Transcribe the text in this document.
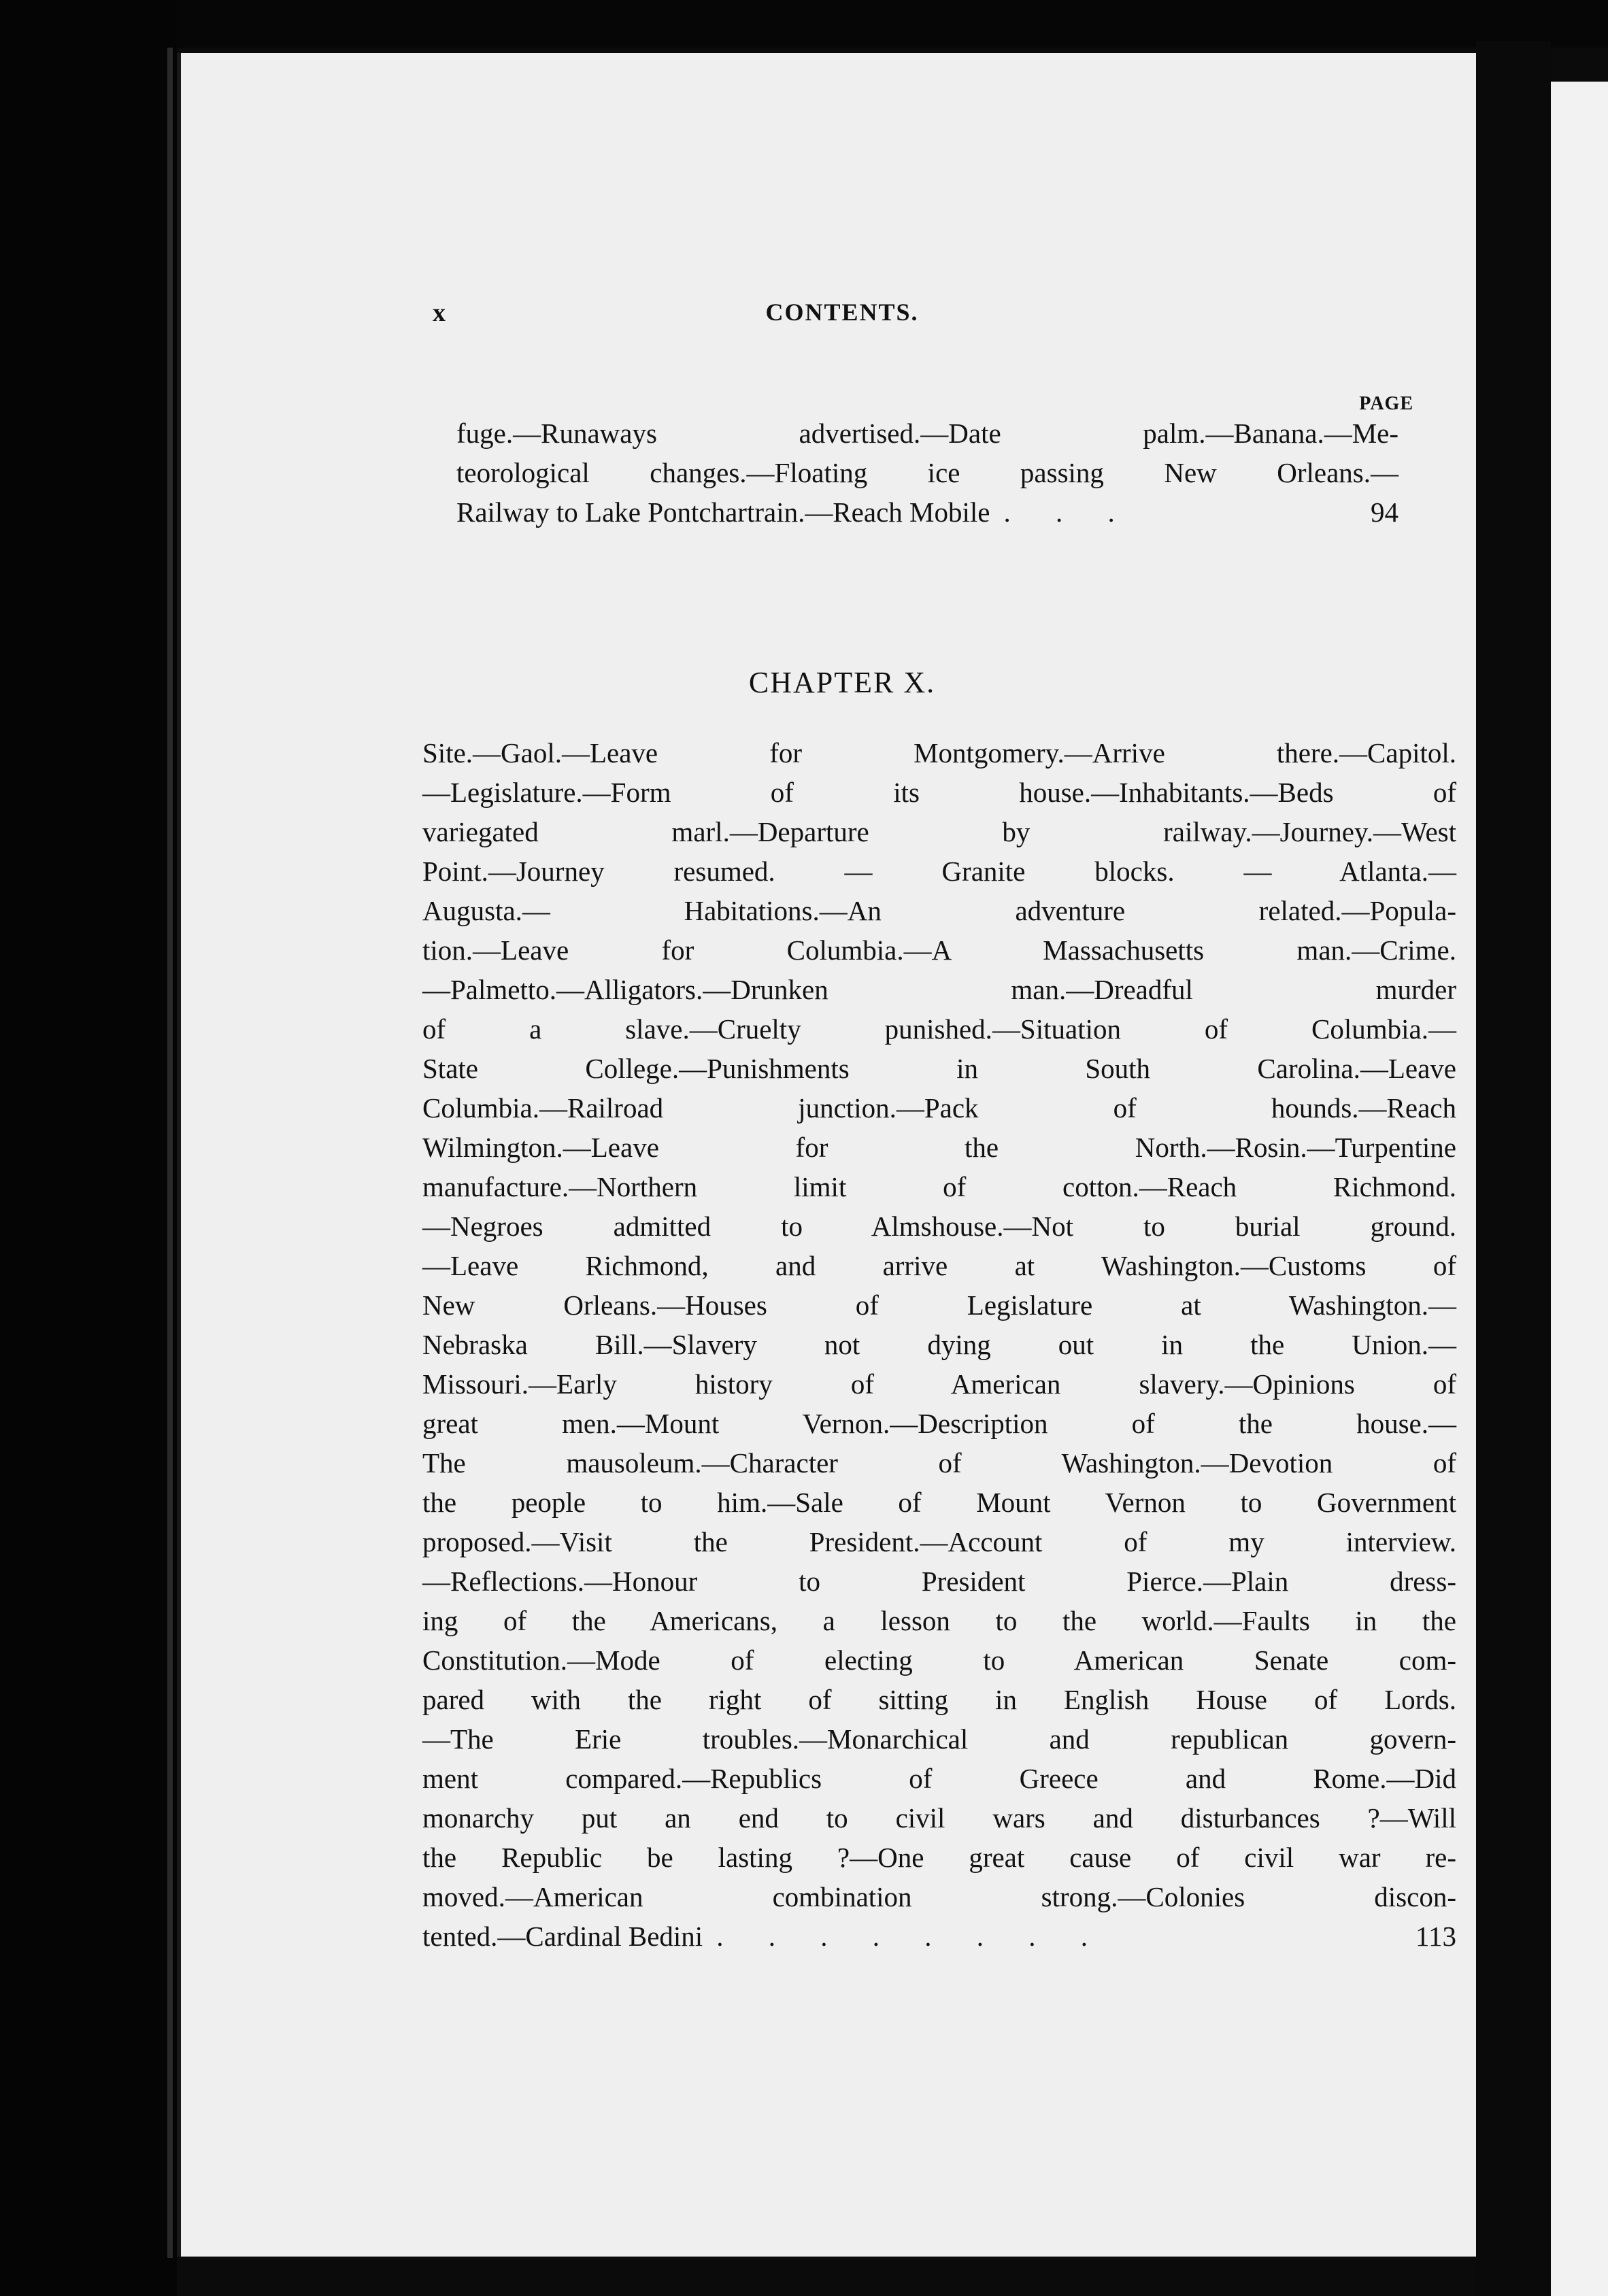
x	CONTENTS.
PAGE
fuge.—Runaways advertised.—Date palm.—Banana.—Me-
teorological changes.—Floating ice passing New Orleans.—
Railway to Lake Pontchartrain.—Reach Mobile . . .	94
CHAPTER X.
Site.—Gaol.—Leave for Montgomery.—Arrive there.—Capitol.
—Legislature.—Form of its house.—Inhabitants.—Beds of
variegated marl.—Departure by railway.—Journey.—West
Point.—Journey resumed. — Granite blocks. — Atlanta.—
Augusta.— Habitations.—An adventure related.—Popula-
tion.—Leave for Columbia.—A Massachusetts man.—Crime.
—Palmetto.—Alligators.—Drunken man.—Dreadful murder
of a slave.—Cruelty punished.—Situation of Columbia.—
State College.—Punishments in South Carolina.—Leave
Columbia.—Railroad junction.—Pack of hounds.—Reach
Wilmington.—Leave for the North.—Rosin.—Turpentine
manufacture.—Northern limit of cotton.—Reach Richmond.
—Negroes admitted to Almshouse.—Not to burial ground.
—Leave Richmond, and arrive at Washington.—Customs of
New Orleans.—Houses of Legislature at Washington.—
Nebraska Bill.—Slavery not dying out in the Union.—
Missouri.—Early history of American slavery.—Opinions of
great men.—Mount Vernon.—Description of the house.—
The mausoleum.—Character of Washington.—Devotion of
the people to him.—Sale of Mount Vernon to Government
proposed.—Visit the President.—Account of my interview.
—Reflections.—Honour to President Pierce.—Plain dress-
ing of the Americans, a lesson to the world.—Faults in the
Constitution.—Mode of electing to American Senate com-
pared with the right of sitting in English House of Lords.
—The Erie troubles.—Monarchical and republican govern-
ment compared.—Republics of Greece and Rome.—Did
monarchy put an end to civil wars and disturbances ?—Will
the Republic be lasting ?—One great cause of civil war re-
moved.—American combination strong.—Colonies discon-
tented.—Cardinal Bedini . . . . . . . .	113
